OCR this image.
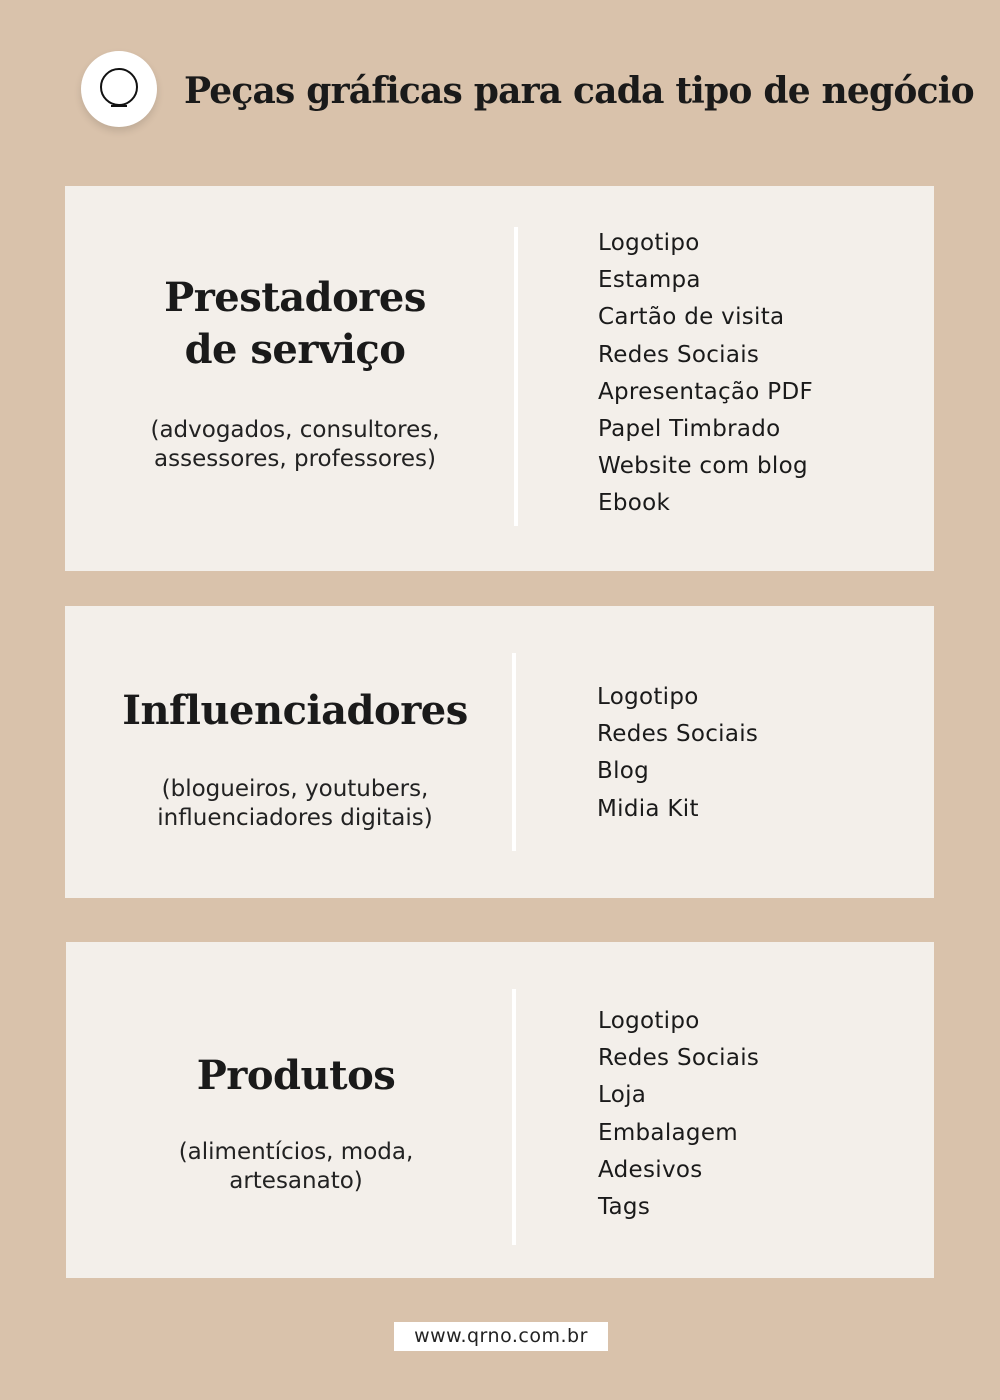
Peças gráficas para cada tipo de negócio

Prestadores

de serviço

(advogados, consultores,

assessores, professores)

Logotipo
Estampa
Cartão de visita
Redes Sociais
Apresentação PDF
Papel Timbrado
Website com blog
Ebook

Influenciadores

(blogueiros, youtubers,

influenciadores digitais)

Logotipo
Redes Sociais
Blog
Midia Kit

Produtos

(alimentícios, moda,

artesanato)

Logotipo
Redes Sociais
Loja
Embalagem
Adesivos
Tags
www.qrno.com.br
